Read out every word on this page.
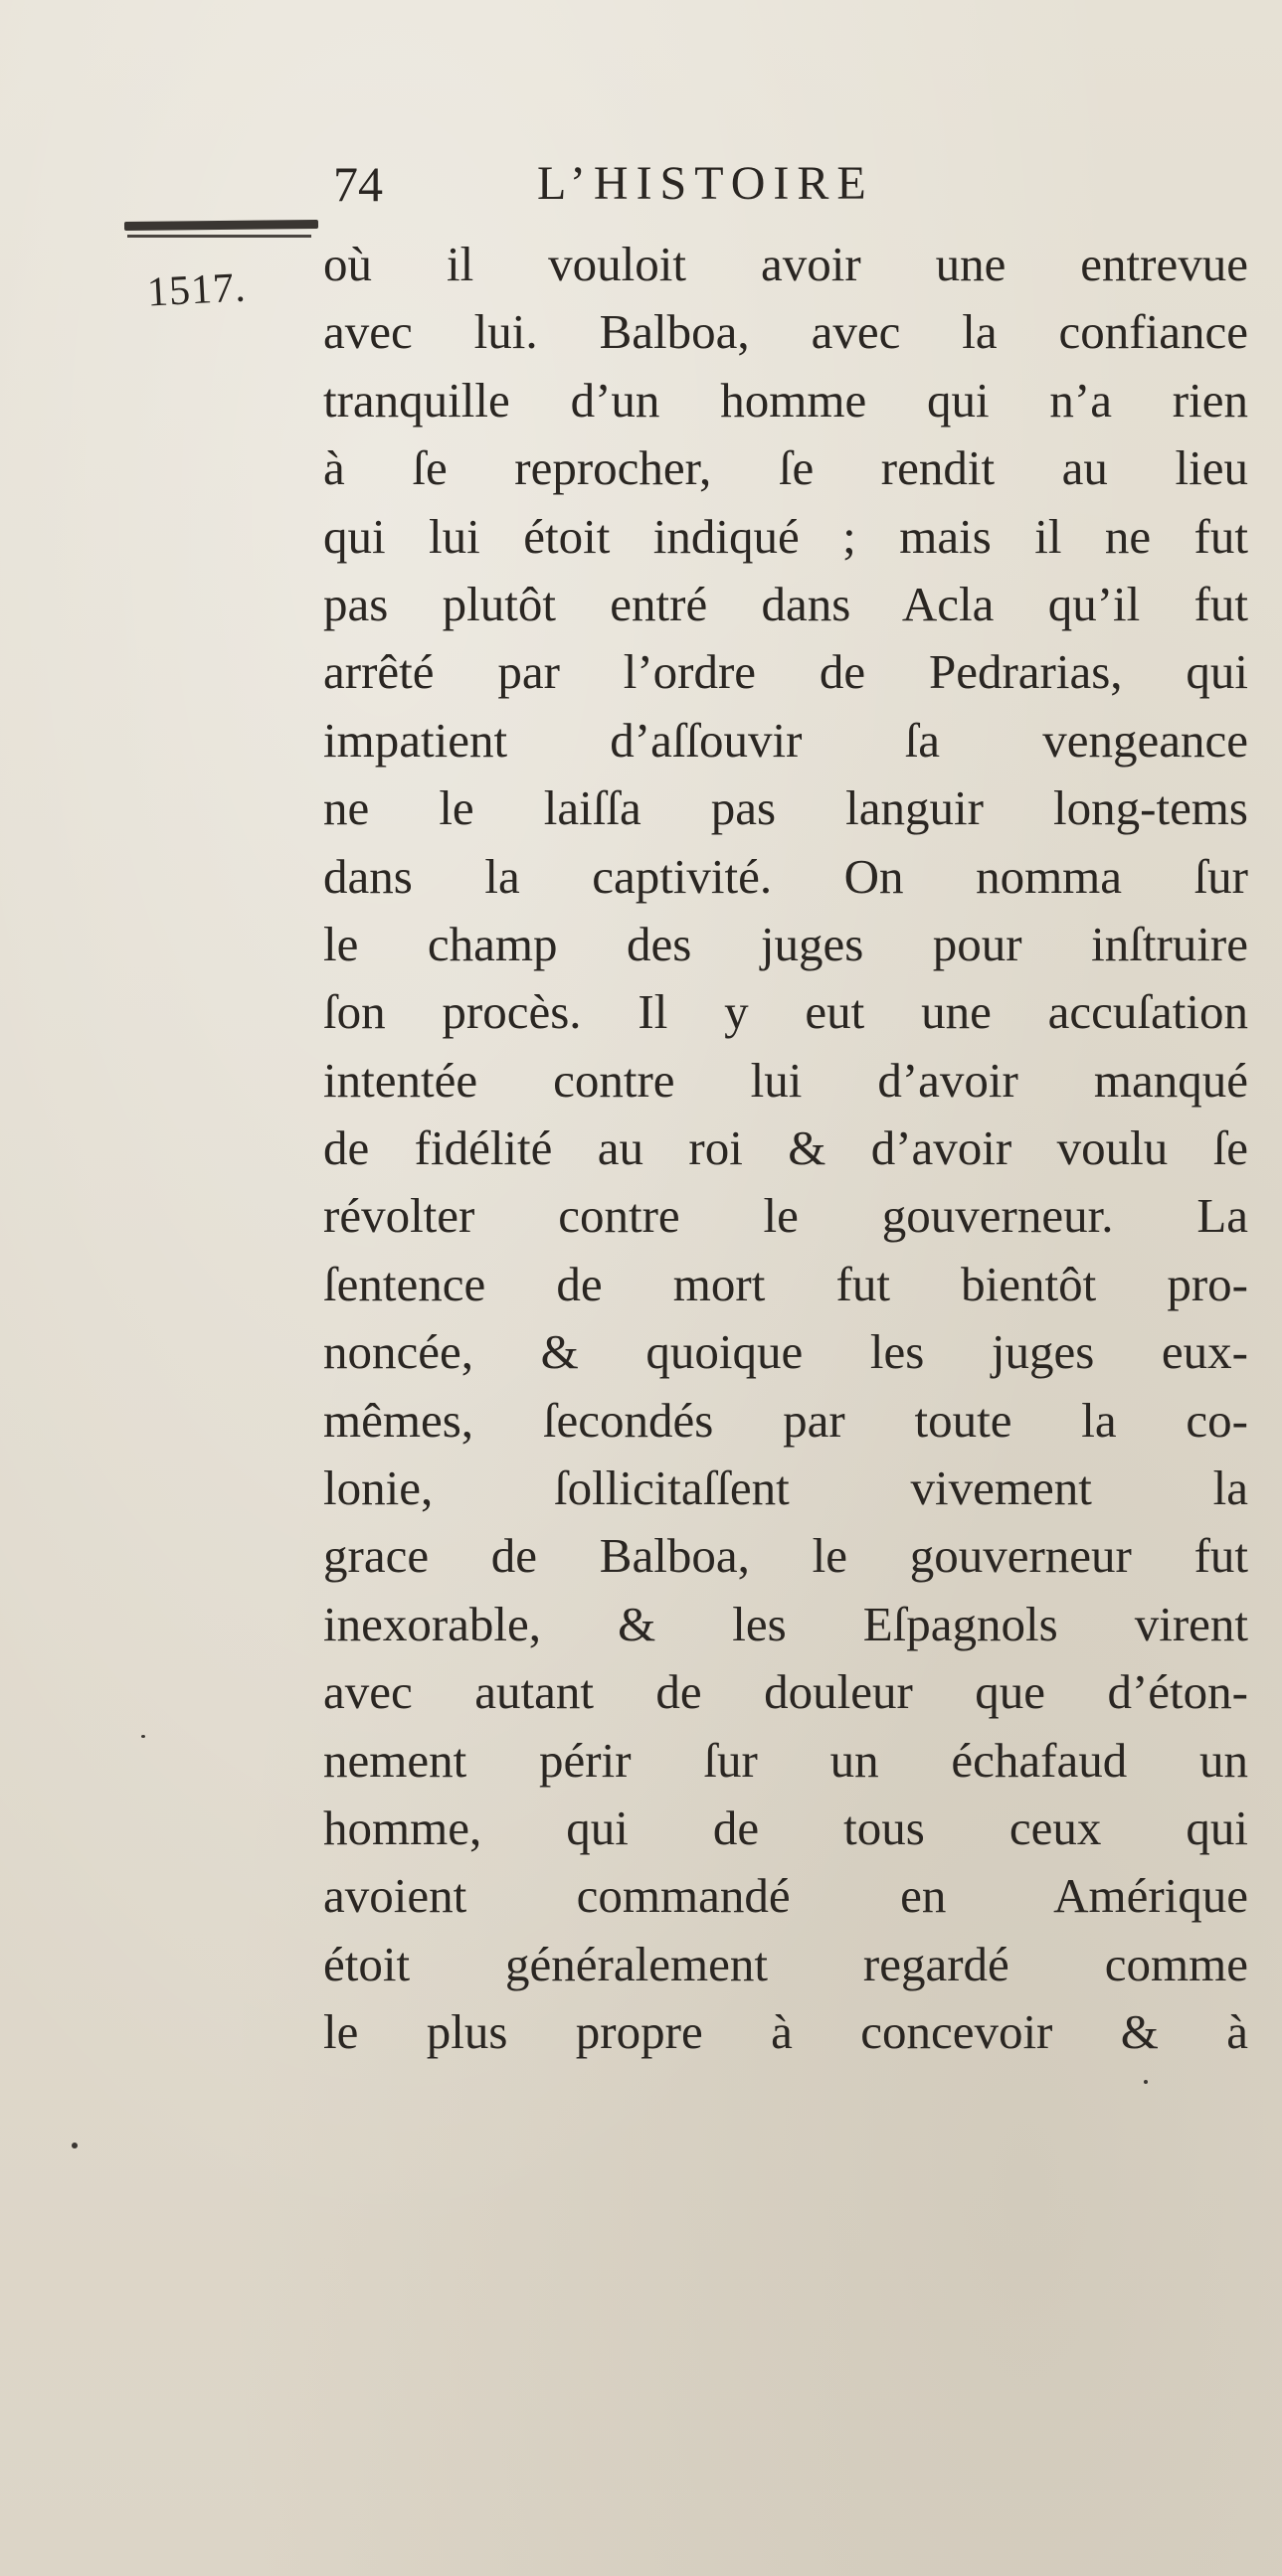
74	L’HISTOIRE
1517. où il vouloit avoir une entrevue
avec lui. Balboa, avec la confiance
tranquille d’un homme qui n’a rien
à ſe reprocher, ſe rendit au lieu
qui lui étoit indiqué ; mais il ne fut
pas plutôt entré dans Acla qu’il fut
arrêté par l’ordre de Pedrarias, qui
impatient d’aſſouvir ſa vengeance
ne le laiſſa pas languir long-tems
dans la captivité. On nomma ſur
le champ des juges pour inſtruire
ſon procès. Il y eut une accuſation
intentée contre lui d’avoir manqué
de fidélité au roi & d’avoir voulu ſe
révolter contre le gouverneur. La
ſentence de mort fut bientôt pro-
noncée, & quoique les juges eux-
mêmes, ſecondés par toute la co-
lonie, ſollicitaſſent vivement la
grace de Balboa, le gouverneur fut
inexorable, & les Eſpagnols virent
avec autant de douleur que d’éton-
nement périr ſur un échafaud un
homme, qui de tous ceux qui
avoient commandé en Amérique
étoit généralement regardé comme
le plus propre à concevoir & à
